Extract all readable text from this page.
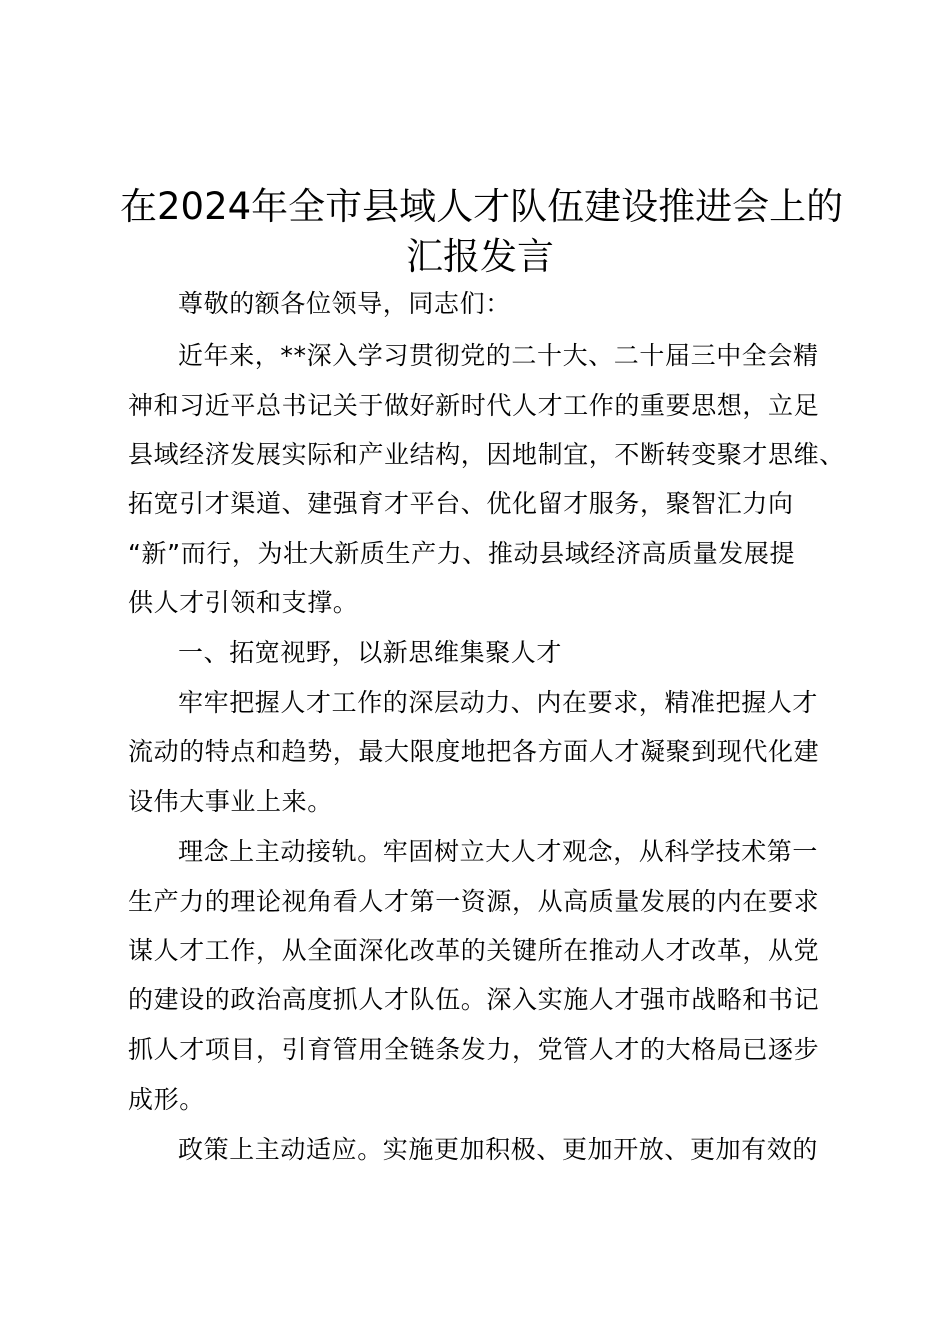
在2024年全市县域人才队伍建设推进会上的
汇报发言
尊敬的额各位领导，同志们：
近年来，**深入学习贯彻党的二十大、二十届三中全会精
神和习近平总书记关于做好新时代人才工作的重要思想，立足
县域经济发展实际和产业结构，因地制宜，不断转变聚才思维、
拓宽引才渠道、建强育才平台、优化留才服务，聚智汇力向
“新”而行，为壮大新质生产力、推动县域经济高质量发展提
供人才引领和支撑。
一、拓宽视野，以新思维集聚人才
牢牢把握人才工作的深层动力、内在要求，精准把握人才
流动的特点和趋势，最大限度地把各方面人才凝聚到现代化建
设伟大事业上来。
理念上主动接轨。牢固树立大人才观念，从科学技术第一
生产力的理论视角看人才第一资源，从高质量发展的内在要求
谋人才工作，从全面深化改革的关键所在推动人才改革，从党
的建设的政治高度抓人才队伍。深入实施人才强市战略和书记
抓人才项目，引育管用全链条发力，党管人才的大格局已逐步
成形。
政策上主动适应。实施更加积极、更加开放、更加有效的
